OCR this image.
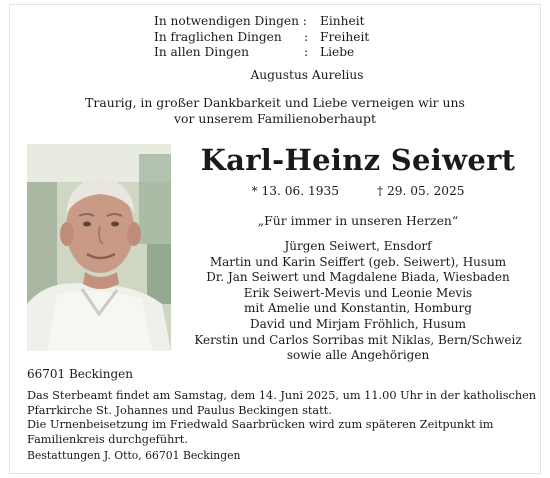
In notwendigen Dingen : Einheit
In fraglichen Dingen	: Freiheit
In allen Dingen	: Liebe
Augustus Aurelius
Traurig, in großer Dankbarkeit und Liebe verneigen wir uns
vor unserem Familienoberhaupt
Karl-Heinz Seiwert
* 13. 06. 1935	† 29. 05. 2025
„Für immer in unseren Herzen“
Jürgen Seiwert, Ensdorf
Martin und Karin Seiffert (geb. Seiwert), Husum
Dr. Jan Seiwert und Magdalene Biada, Wiesbaden
Erik Seiwert-Mevis und Leonie Mevis
mit Amelie und Konstantin, Homburg
David und Mirjam Fröhlich, Husum
Kerstin und Carlos Sorribas mit Niklas, Bern/Schweiz
sowie alle Angehörigen
66701 Beckingen
Das Sterbeamt findet am Samstag, dem 14. Juni 2025, um 11.00 Uhr in der katholischen
Pfarrkirche St. Johannes und Paulus Beckingen statt.
Die Urnenbeisetzung im Friedwald Saarbrücken wird zum späteren Zeitpunkt im
Familienkreis durchgeführt.
Bestattungen J. Otto, 66701 Beckingen
